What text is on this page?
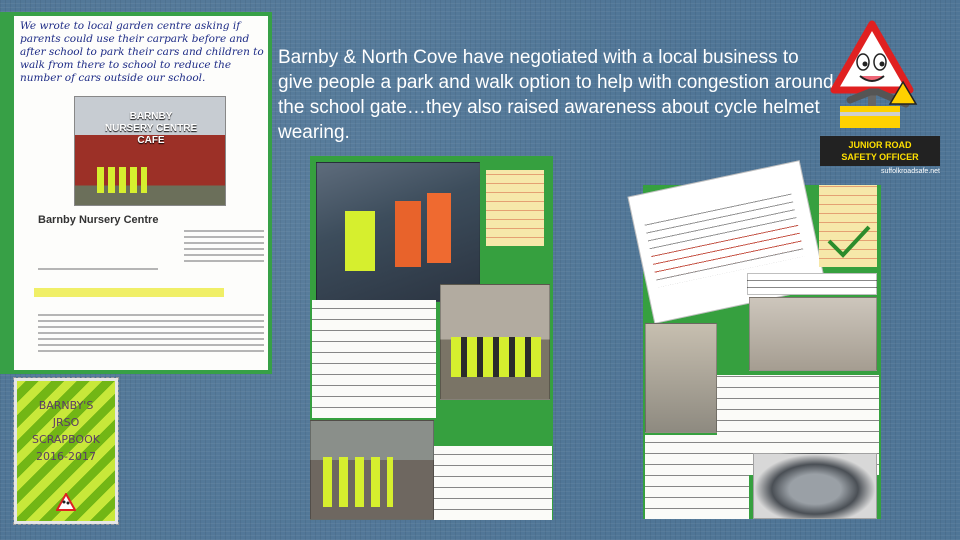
We wrote to local garden centre asking if parents could use their carpark before and after school to park their cars and children to walk from there to school to reduce the number of cars outside our school.
BARNBY
NURSERY CENTRE
CAFE
Barnby Nursery Centre
BARNBY'S
JRSO
SCRAPBOOK
2016-2017
Barnby & North Cove have negotiated with a local business to give people a park and walk option to help with congestion around the school gate…they also raised awareness about cycle helmet wearing.
JUNIOR ROAD
SAFETY OFFICER
suffolkroadsafe.net
